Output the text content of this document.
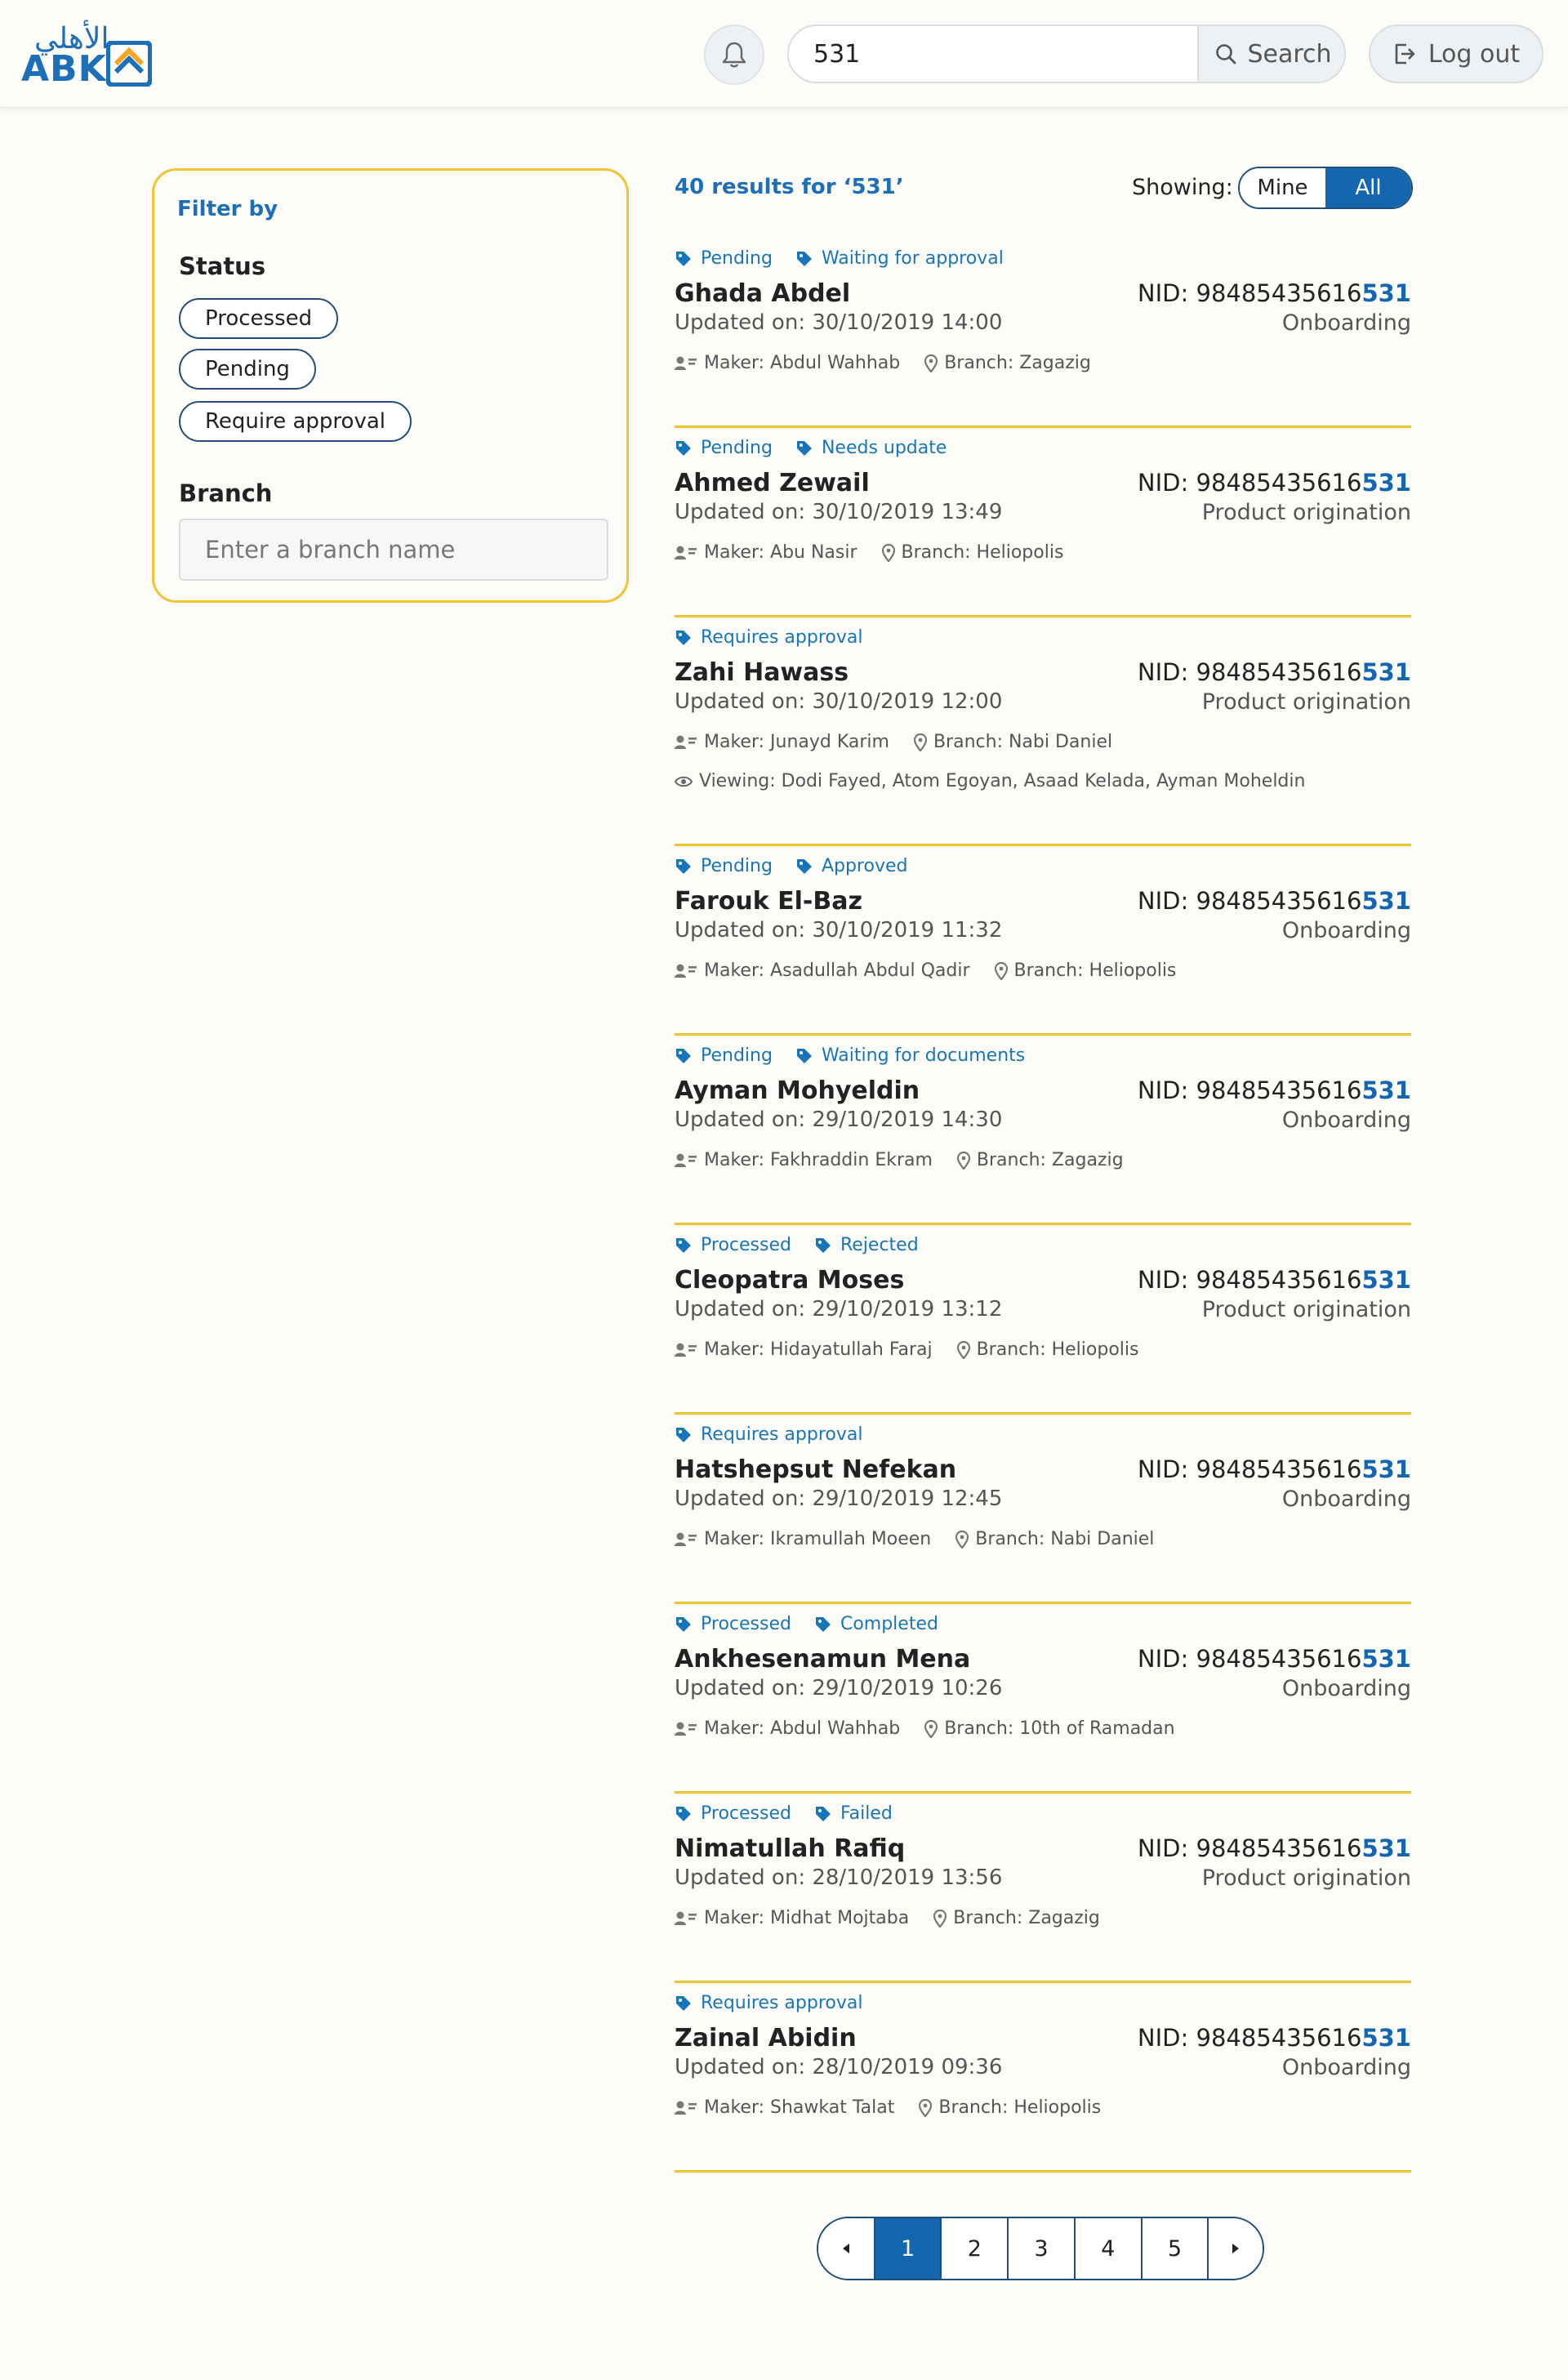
الأهلي
ABK
531	Search	Log out
Filter by
Status
Processed
Pending
Require approval
Branch
Enter a branch name
40 results for ‘531’	Showing:	Mine	All
Pending	Waiting for approval
Ghada Abdel
Updated on: 30/10/2019 14:00
NID: 98485435616531
Onboarding
Maker: Abdul Wahhab Branch: Zagazig
Pending	Needs update
Ahmed Zewail
Updated on: 30/10/2019 13:49
NID: 98485435616531
Product origination
Maker: Abu Nasir Branch: Heliopolis
Requires approval
Zahi Hawass
Updated on: 30/10/2019 12:00
NID: 98485435616531
Product origination
Maker: Junayd Karim Branch: Nabi Daniel
Viewing: Dodi Fayed, Atom Egoyan, Asaad Kelada, Ayman Moheldin
Pending	Approved
Farouk El-Baz
Updated on: 30/10/2019 11:32
NID: 98485435616531
Onboarding
Maker: Asadullah Abdul Qadir Branch: Heliopolis
Pending	Waiting for documents
Ayman Mohyeldin
Updated on: 29/10/2019 14:30
NID: 98485435616531
Onboarding
Maker: Fakhraddin Ekram Branch: Zagazig
Processed	Rejected
Cleopatra Moses
Updated on: 29/10/2019 13:12
NID: 98485435616531
Product origination
Maker: Hidayatullah Faraj Branch: Heliopolis
Requires approval
Hatshepsut Nefekan
Updated on: 29/10/2019 12:45
NID: 98485435616531
Onboarding
Maker: Ikramullah Moeen Branch: Nabi Daniel
Processed	Completed
Ankhesenamun Mena
Updated on: 29/10/2019 10:26
NID: 98485435616531
Onboarding
Maker: Abdul Wahhab Branch: 10th of Ramadan
Processed	Failed
Nimatullah Rafiq
Updated on: 28/10/2019 13:56
NID: 98485435616531
Product origination
Maker: Midhat Mojtaba Branch: Zagazig
Requires approval
Zainal Abidin
Updated on: 28/10/2019 09:36
NID: 98485435616531
Onboarding
Maker: Shawkat Talat Branch: Heliopolis
1	2	3	4	5
